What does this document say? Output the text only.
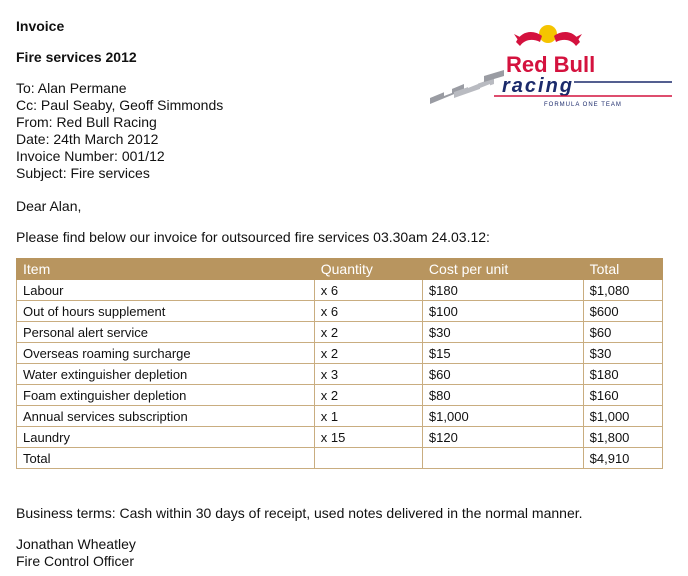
Invoice
Fire services 2012
To: Alan Permane
Cc: Paul Seaby, Geoff Simmonds
From: Red Bull Racing
Date: 24th March 2012
Invoice Number: 001/12
Subject: Fire services
Dear Alan,
Please find below our invoice for outsourced fire services 03.30am 24.03.12:
Red Bull
racing
FORMULA ONE TEAM
Item	Quantity	Cost per unit	Total
Labour	x 6	$180	$1,080
Out of hours supplement	x 6	$100	$600
Personal alert service	x 2	$30	$60
Overseas roaming surcharge	x 2	$15	$30
Water extinguisher depletion	x 3	$60	$180
Foam extinguisher depletion	x 2	$80	$160
Annual services subscription	x 1	$1,000	$1,000
Laundry	x 15	$120	$1,800
Total			$4,910
Business terms: Cash within 30 days of receipt, used notes delivered in the normal manner.
Jonathan Wheatley
Fire Control Officer
